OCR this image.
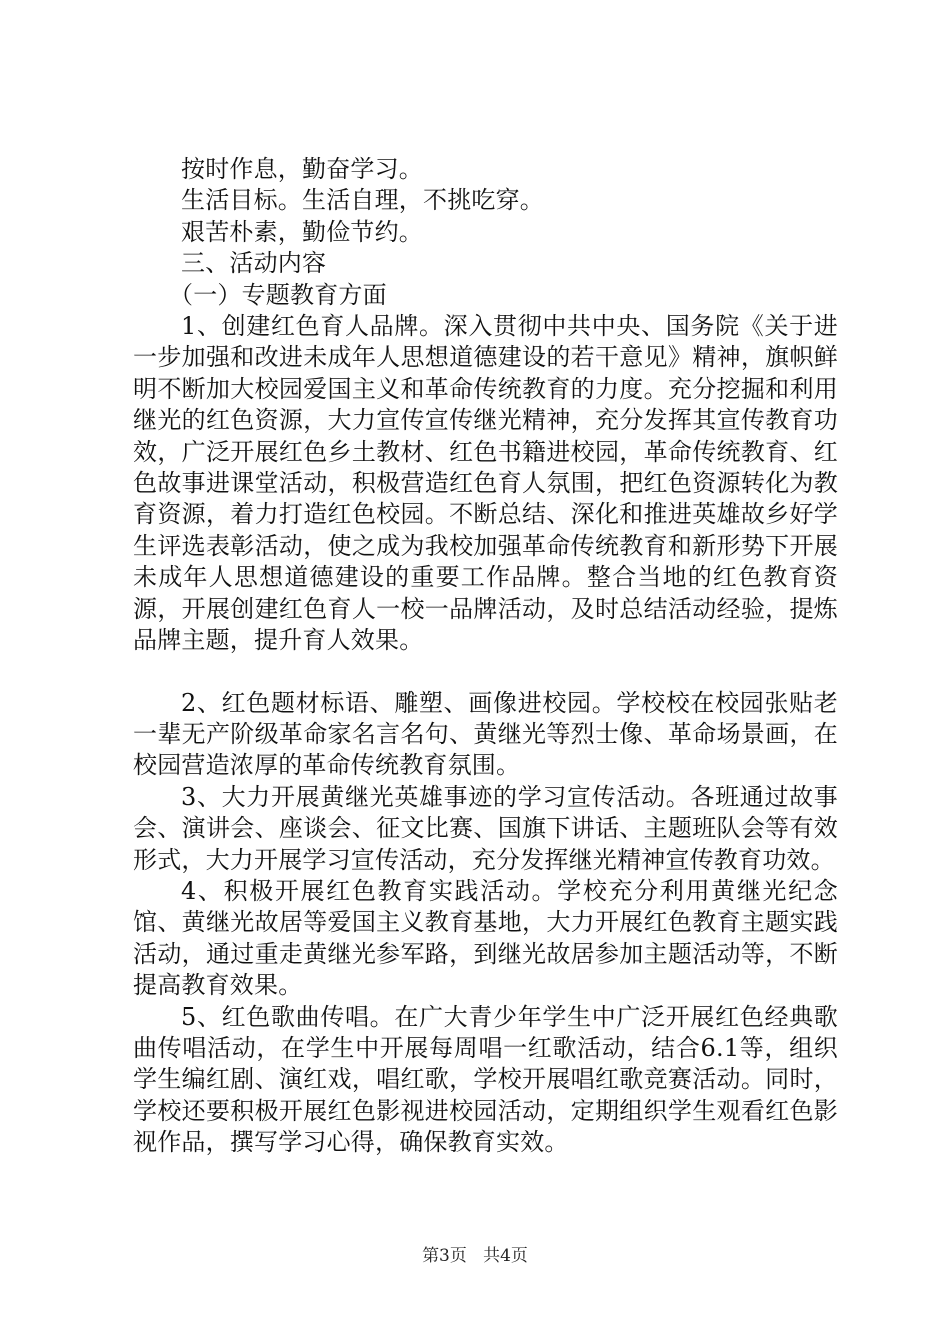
按时作息，勤奋学习。

生活目标。生活自理，不挑吃穿。

艰苦朴素，勤俭节约。

三、活动内容

（一）专题教育方面

1、创建红色育人品牌。深入贯彻中共中央、国务院《关于进一步加强和改进未成年人思想道德建设的若干意见》精神，旗帜鲜明不断加大校园爱国主义和革命传统教育的力度。充分挖掘和利用继光的红色资源，大力宣传宣传继光精神，充分发挥其宣传教育功效，广泛开展红色乡土教材、红色书籍进校园，革命传统教育、红色故事进课堂活动，积极营造红色育人氛围，把红色资源转化为教育资源，着力打造红色校园。不断总结、深化和推进英雄故乡好学生评选表彰活动，使之成为我校加强革命传统教育和新形势下开展未成年人思想道德建设的重要工作品牌。整合当地的红色教育资源，开展创建红色育人一校一品牌活动，及时总结活动经验，提炼品牌主题，提升育人效果。

2、红色题材标语、雕塑、画像进校园。学校校在校园张贴老一辈无产阶级革命家名言名句、黄继光等烈士像、革命场景画，在校园营造浓厚的革命传统教育氛围。

3、大力开展黄继光英雄事迹的学习宣传活动。各班通过故事会、演讲会、座谈会、征文比赛、国旗下讲话、主题班队会等有效形式，大力开展学习宣传活动，充分发挥继光精神宣传教育功效。

4、积极开展红色教育实践活动。学校充分利用黄继光纪念馆、黄继光故居等爱国主义教育基地，大力开展红色教育主题实践活动，通过重走黄继光参军路，到继光故居参加主题活动等，不断提高教育效果。

5、红色歌曲传唱。在广大青少年学生中广泛开展红色经典歌曲传唱活动，在学生中开展每周唱一红歌活动，结合6.1等，组织学生编红剧、演红戏，唱红歌，学校开展唱红歌竞赛活动。同时，学校还要积极开展红色影视进校园活动，定期组织学生观看红色影视作品，撰写学习心得，确保教育实效。

第3页 共4页
